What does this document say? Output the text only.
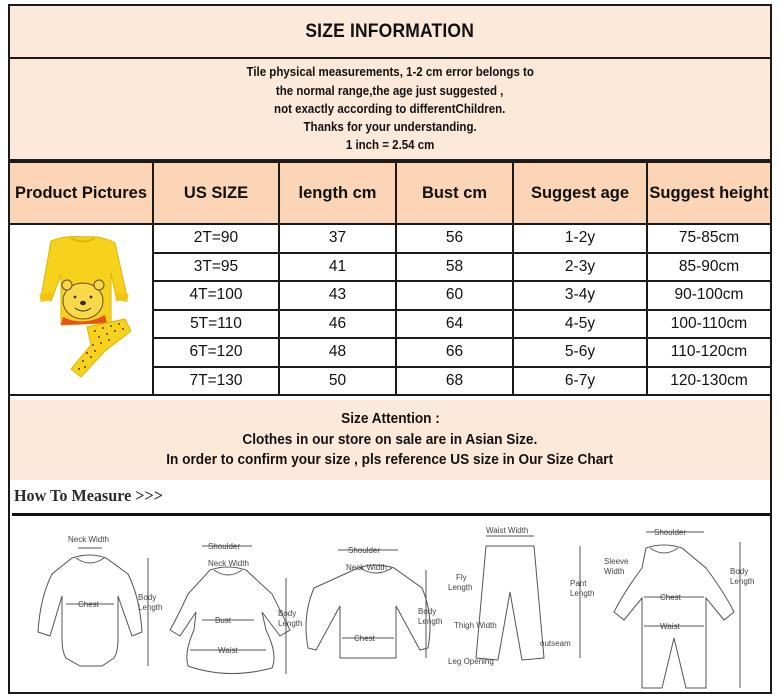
SIZE INFORMATION
Tile physical measurements, 1-2 cm error belongs to
the normal range,the age just suggested ,
not exactly according to differentChildren.
Thanks for your understanding.
1 inch = 2.54 cm
Product Pictures	US SIZE	length cm	Bust cm	Suggest age	Suggest height
	2T=90	37	56	1-2y	75-85cm
	3T=95	41	58	2-3y	85-90cm
	4T=100	43	60	3-4y	90-100cm
	5T=110	46	64	4-5y	100-110cm
	6T=120	48	66	5-6y	110-120cm
	7T=130	50	68	6-7y	120-130cm
Size Attention :
Clothes in our store on sale are in Asian Size.
In order to confirm your size , pls reference US size in Our Size Chart
How To Measure >>>
Neck Width
Chest
Body
Length
Shoulder
Neck Width
Bust
Waist
Body
Length
Shoulder
Neck Width
Chest
Body
Length
Waist Width
Fly
Length
Thigh Width
Leg Opening
outseam
Pant
Length
Shoulder
Sleeve
Width
Chest
Waist
Body
Length
